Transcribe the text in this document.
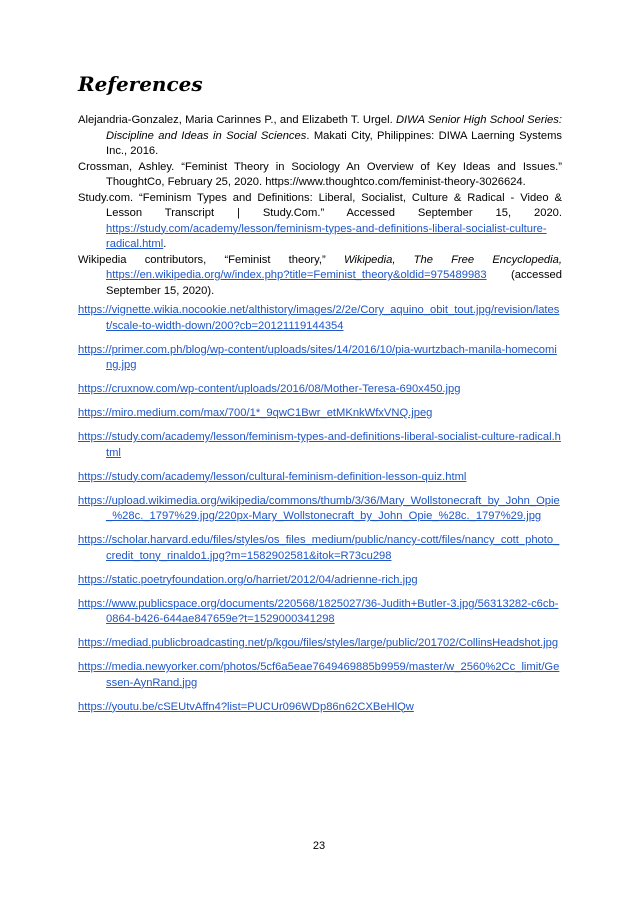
References

Alejandria-Gonzalez, Maria Carinnes P., and Elizabeth T. Urgel. DIWA Senior High School Series: Discipline and Ideas in Social Sciences. Makati City, Philippines: DIWA Laerning Systems Inc., 2016.

Crossman, Ashley. “Feminist Theory in Sociology An Overview of Key Ideas and Issues.” ThoughtCo, February 25, 2020. https://www.thoughtco.com/feminist-theory-3026624.

Study.com. “Feminism Types and Definitions: Liberal, Socialist, Culture & Radical - Video & Lesson Transcript | Study.Com.” Accessed September 15, 2020. https://study.com/academy/lesson/feminism-types-and-definitions-liberal-socialist-culture-radical.html.

Wikipedia contributors, “Feminist theory,” Wikipedia, The Free Encyclopedia, https://en.wikipedia.org/w/index.php?title=Feminist_theory&oldid=975489983 (accessed September 15, 2020).

https://vignette.wikia.nocookie.net/althistory/images/2/2e/Cory_aquino_obit_tout.jpg/revision/latest/scale-to-width-down/200?cb=20121119144354

https://primer.com.ph/blog/wp-content/uploads/sites/14/2016/10/pia-wurtzbach-manila-homecoming.jpg

https://cruxnow.com/wp-content/uploads/2016/08/Mother-Teresa-690x450.jpg

https://miro.medium.com/max/700/1*_9qwC1Bwr_etMKnkWfxVNQ.jpeg

https://study.com/academy/lesson/feminism-types-and-definitions-liberal-socialist-culture-radical.html

https://study.com/academy/lesson/cultural-feminism-definition-lesson-quiz.html

https://upload.wikimedia.org/wikipedia/commons/thumb/3/36/Mary_Wollstonecraft_by_John_Opie_%28c._1797%29.jpg/220px-Mary_Wollstonecraft_by_John_Opie_%28c._1797%29.jpg

https://scholar.harvard.edu/files/styles/os_files_medium/public/nancy-cott/files/nancy_cott_photo_credit_tony_rinaldo1.jpg?m=1582902581&itok=R73cu298

https://static.poetryfoundation.org/o/harriet/2012/04/adrienne-rich.jpg

https://www.publicspace.org/documents/220568/1825027/36-Judith+Butler-3.jpg/56313282-c6cb-0864-b426-644ae847659e?t=1529000341298

https://mediad.publicbroadcasting.net/p/kgou/files/styles/large/public/201702/CollinsHeadshot.jpg

https://media.newyorker.com/photos/5cf6a5eae7649469885b9959/master/w_2560%2Cc_limit/Gessen-AynRand.jpg

https://youtu.be/cSEUtvAffn4?list=PUCUr096WDp86n62CXBeHlQw

23
